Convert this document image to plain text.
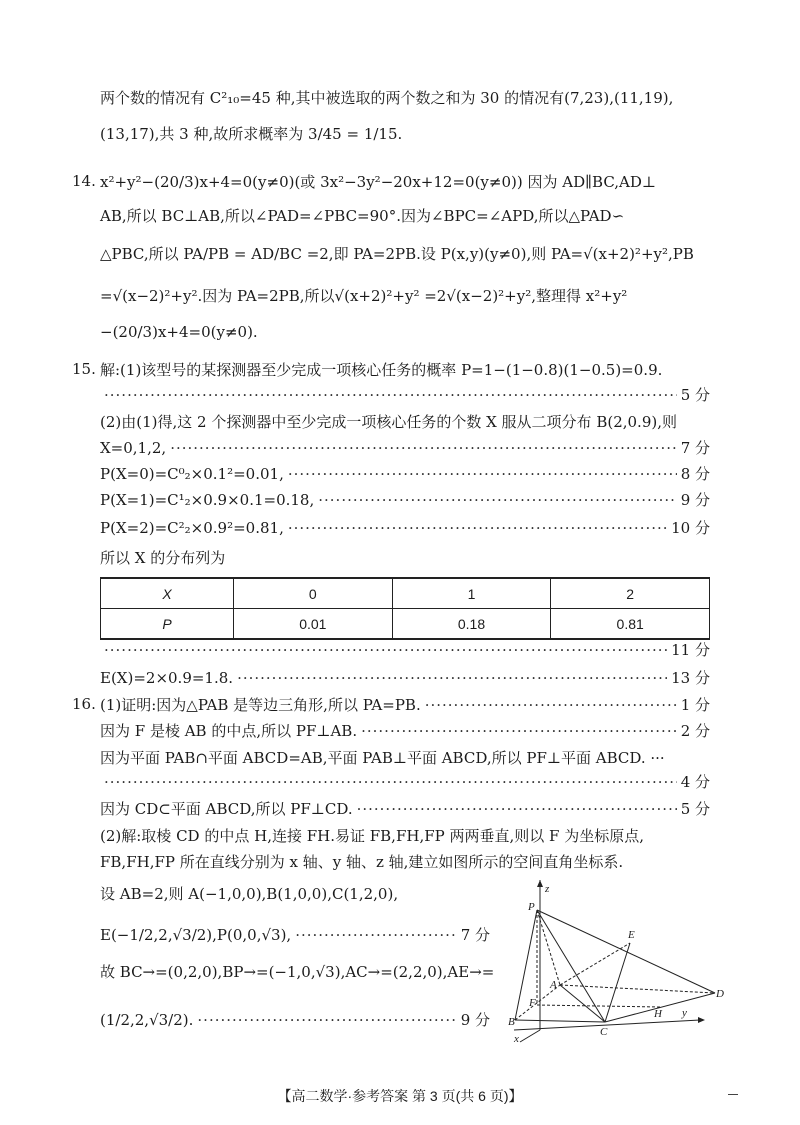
两个数的情况有 C²₁₀=45 种,其中被选取的两个数之和为 30 的情况有(7,23),(11,19),
(13,17),共 3 种,故所求概率为 3/45 = 1/15.
14. x²+y²−(20/3)x+4=0(y≠0)(或 3x²−3y²−20x+12=0(y≠0)) 因为 AD∥BC,AD⊥
AB,所以 BC⊥AB,所以∠PAD=∠PBC=90°.因为∠BPC=∠APD,所以△PAD∽
△PBC,所以 PA/PB = AD/BC =2,即 PA=2PB.设 P(x,y)(y≠0),则 PA=√(x+2)²+y²,PB
=√(x−2)²+y².因为 PA=2PB,所以√(x+2)²+y² =2√(x−2)²+y²,整理得 x²+y²
−(20/3)x+4=0(y≠0).
15. 解:(1)该型号的某探测器至少完成一项核心任务的概率 P=1−(1−0.8)(1−0.5)=0.9.
·····
5 分
(2)由(1)得,这 2 个探测器中至少完成一项核心任务的个数 X 服从二项分布 B(2,0.9),则
X=0,1,2, ·····	7 分
P(X=0)=C⁰₂×0.1²=0.01, ·····	8 分
P(X=1)=C¹₂×0.9×0.1=0.18, ·····	9 分
P(X=2)=C²₂×0.9²=0.81, ·····	10 分
所以 X 的分布列为
X	0	1	2
P	0.01	0.18	0.81
·····
11 分
E(X)=2×0.9=1.8. ·····	13 分
16. (1)证明:因为△PAB 是等边三角形,所以 PA=PB. ·····	1 分
因为 F 是棱 AB 的中点,所以 PF⊥AB. ·····	2 分
因为平面 PAB∩平面 ABCD=AB,平面 PAB⊥平面 ABCD,所以 PF⊥平面 ABCD. ···
·····
4 分
因为 CD⊂平面 ABCD,所以 PF⊥CD. ·····	5 分
(2)解:取棱 CD 的中点 H,连接 FH.易证 FB,FH,FP 两两垂直,则以 F 为坐标原点,
FB,FH,FP 所在直线分别为 x 轴、y 轴、z 轴,建立如图所示的空间直角坐标系.
设 AB=2,则 A(−1,0,0),B(1,0,0),C(1,2,0),
E(−1/2,2,√3/2),P(0,0,√3), ·····	7 分
故 BC→=(0,2,0),BP→=(−1,0,√3),AC→=(2,2,0),AE→=
(1/2,2,√3/2). ·····	9 分
z
P
E
A
F
D
H y
B
C
x
【高二数学·参考答案 第 3 页(共 6 页)】
